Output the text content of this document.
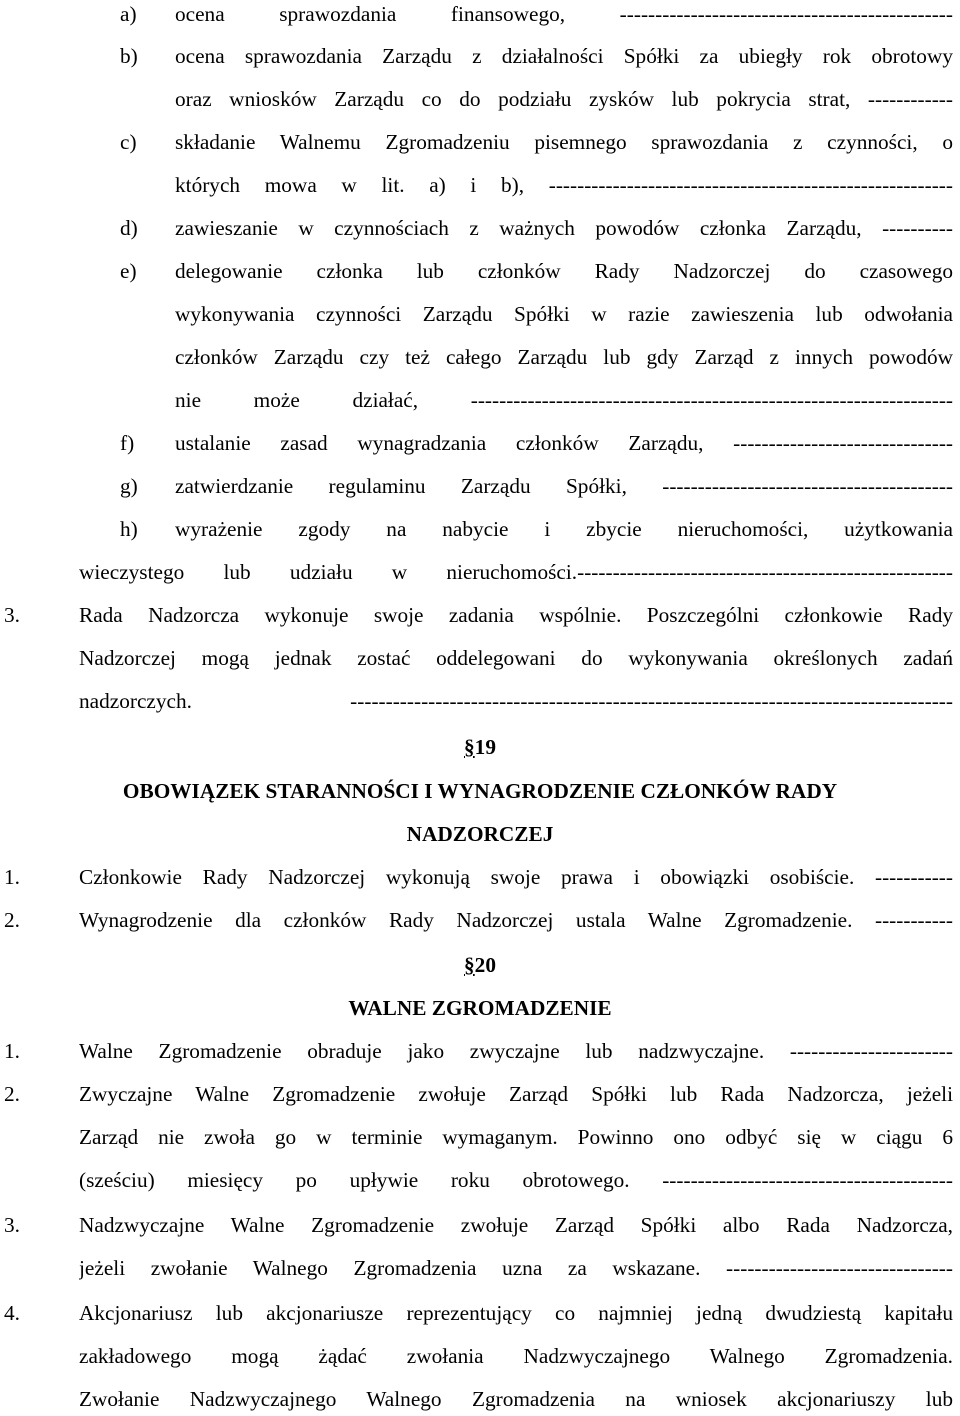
a) ocena sprawozdania finansowego, -----------------------------------------------
b) ocena sprawozdania Zarządu z działalności Spółki za ubiegły rok obrotowy
oraz wniosków Zarządu co do podziału zysków lub pokrycia strat, ------------
c) składanie Walnemu Zgromadzeniu pisemnego sprawozdania z czynności, o
których mowa w lit. a) i b), ---------------------------------------------------------
d) zawieszanie w czynnościach z ważnych powodów członka Zarządu, ----------
e) delegowanie członka lub członków Rady Nadzorczej do czasowego
wykonywania czynności Zarządu Spółki w razie zawieszenia lub odwołania
członków Zarządu czy też całego Zarządu lub gdy Zarząd z innych powodów
nie może działać, --------------------------------------------------------------------
f) ustalanie zasad wynagradzania członków Zarządu, -------------------------------
g) zatwierdzanie regulaminu Zarządu Spółki, -----------------------------------------
h) wyrażenie zgody na nabycie i zbycie nieruchomości, użytkowania
wieczystego lub udziału w nieruchomości.-----------------------------------------------------
3.	Rada Nadzorcza wykonuje swoje zadania wspólnie. Poszczególni członkowie Rady
Nadzorczej mogą jednak zostać oddelegowani do wykonywania określonych zadań
nadzorczych. -------------------------------------------------------------------------------------
§19
OBOWIĄZEK STARANNOŚCI I WYNAGRODZENIE CZŁONKÓW RADY
NADZORCZEJ
1.	Członkowie Rady Nadzorczej wykonują swoje prawa i obowiązki osobiście. -----------
2.	Wynagrodzenie dla członków Rady Nadzorczej ustala Walne Zgromadzenie. -----------
§20
WALNE ZGROMADZENIE
1.	Walne Zgromadzenie obraduje jako zwyczajne lub nadzwyczajne. -----------------------
2.	Zwyczajne Walne Zgromadzenie zwołuje Zarząd Spółki lub Rada Nadzorcza, jeżeli
Zarząd nie zwoła go w terminie wymaganym. Powinno ono odbyć się w ciągu 6
(sześciu) miesięcy po upływie roku obrotowego. -----------------------------------------
3.	Nadzwyczajne Walne Zgromadzenie zwołuje Zarząd Spółki albo Rada Nadzorcza,
jeżeli zwołanie Walnego Zgromadzenia uzna za wskazane. --------------------------------
4.	Akcjonariusz lub akcjonariusze reprezentujący co najmniej jedną dwudziestą kapitału
zakładowego mogą żądać zwołania Nadzwyczajnego Walnego Zgromadzenia.
Zwołanie Nadzwyczajnego Walnego Zgromadzenia na wniosek akcjonariuszy lub
